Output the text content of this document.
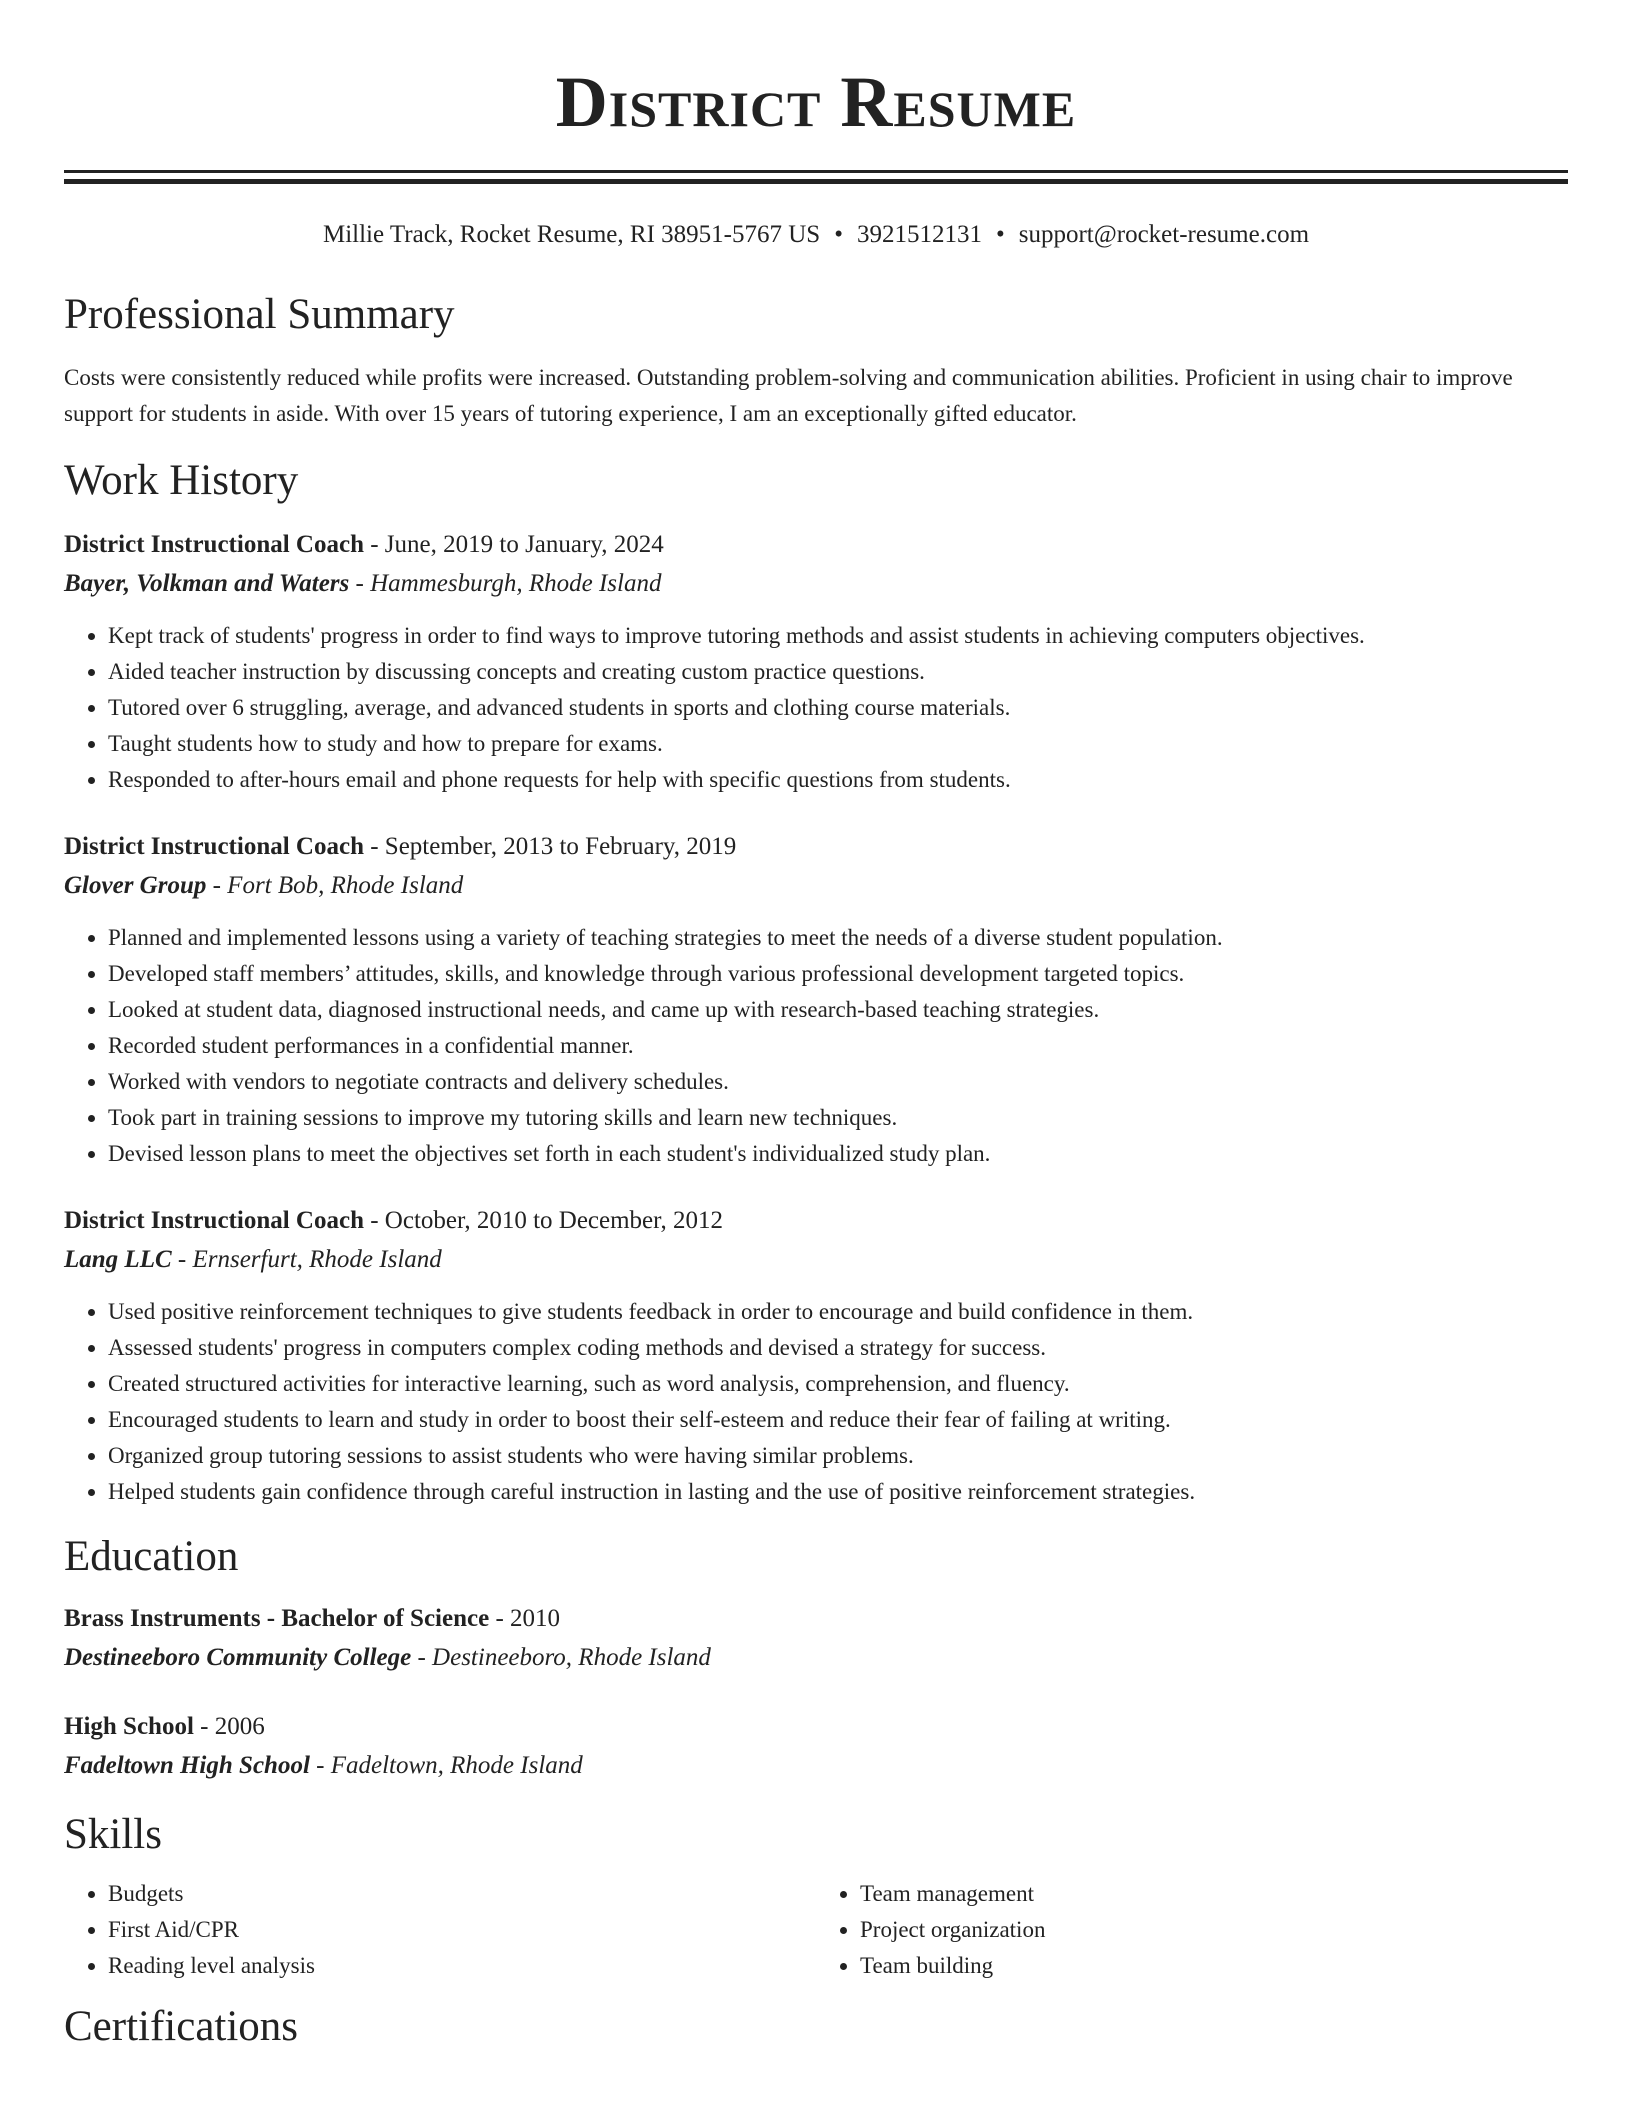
District Resume
Millie Track, Rocket Resume, RI 38951-5767 US • 3921512131 • support@rocket-resume.com
Professional Summary

Costs were consistently reduced while profits were increased. Outstanding problem-solving and communication abilities. Proficient in using chair to improve support for students in aside. With over 15 years of tutoring experience, I am an exceptionally gifted educator.

Work History
District Instructional Coach - June, 2019 to January, 2024
Bayer, Volkman and Waters - Hammesburgh, Rhode Island
• Kept track of students' progress in order to find ways to improve tutoring methods and assist students in achieving computers objectives.
• Aided teacher instruction by discussing concepts and creating custom practice questions.
• Tutored over 6 struggling, average, and advanced students in sports and clothing course materials.
• Taught students how to study and how to prepare for exams.
• Responded to after-hours email and phone requests for help with specific questions from students.
District Instructional Coach - September, 2013 to February, 2019
Glover Group - Fort Bob, Rhode Island
• Planned and implemented lessons using a variety of teaching strategies to meet the needs of a diverse student population.
• Developed staff members’ attitudes, skills, and knowledge through various professional development targeted topics.
• Looked at student data, diagnosed instructional needs, and came up with research-based teaching strategies.
• Recorded student performances in a confidential manner.
• Worked with vendors to negotiate contracts and delivery schedules.
• Took part in training sessions to improve my tutoring skills and learn new techniques.
• Devised lesson plans to meet the objectives set forth in each student's individualized study plan.
District Instructional Coach - October, 2010 to December, 2012
Lang LLC - Ernserfurt, Rhode Island
• Used positive reinforcement techniques to give students feedback in order to encourage and build confidence in them.
• Assessed students' progress in computers complex coding methods and devised a strategy for success.
• Created structured activities for interactive learning, such as word analysis, comprehension, and fluency.
• Encouraged students to learn and study in order to boost their self-esteem and reduce their fear of failing at writing.
• Organized group tutoring sessions to assist students who were having similar problems.
• Helped students gain confidence through careful instruction in lasting and the use of positive reinforcement strategies.
Education
Brass Instruments - Bachelor of Science - 2010
Destineeboro Community College - Destineeboro, Rhode Island
High School - 2006
Fadeltown High School - Fadeltown, Rhode Island
Skills
• Budgets
• First Aid/CPR
• Reading level analysis
• Team management
• Project organization
• Team building
Certifications
